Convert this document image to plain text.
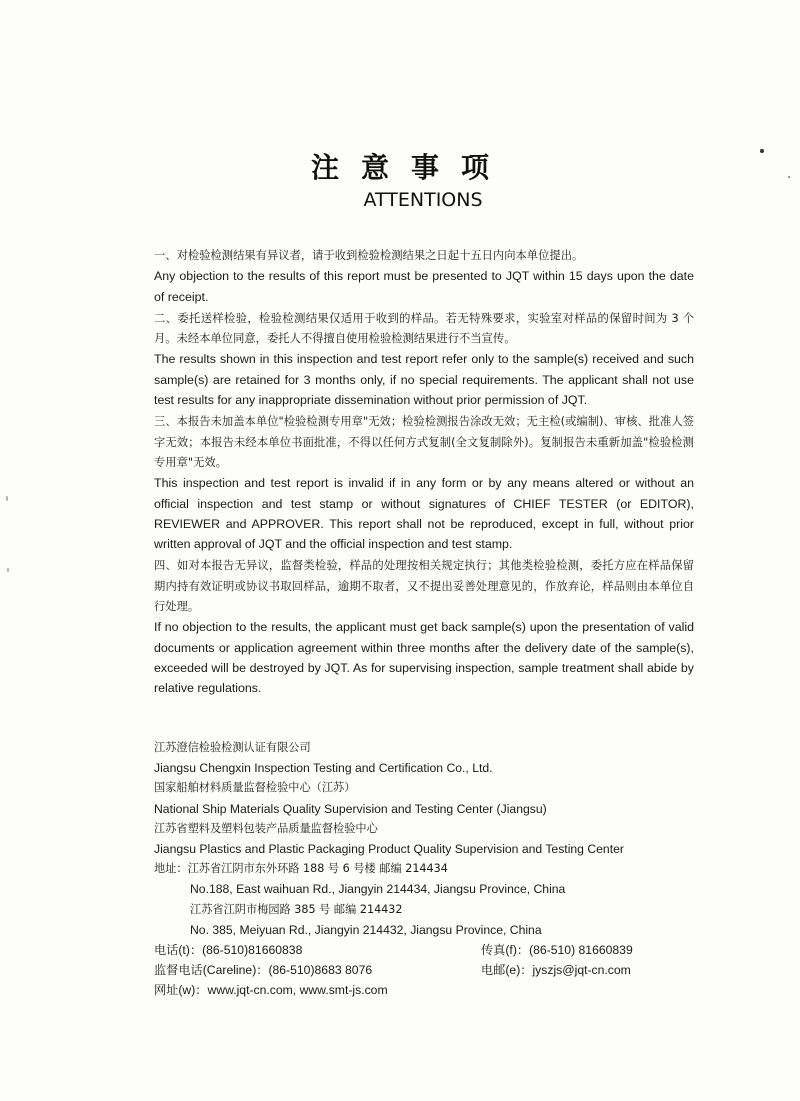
注意事项
ATTENTIONS

一、对检验检测结果有异议者，请于收到检验检测结果之日起十五日内向本单位提出。

Any objection to the results of this report must be presented to JQT within 15 days upon the date of receipt.

二、委托送样检验，检验检测结果仅适用于收到的样品。若无特殊要求，实验室对样品的保留时间为 3 个月。未经本单位同意，委托人不得擅自使用检验检测结果进行不当宣传。

The results shown in this inspection and test report refer only to the sample(s) received and such sample(s) are retained for 3 months only, if no special requirements. The applicant shall not use test results for any inappropriate dissemination without prior permission of JQT.

三、本报告未加盖本单位"检验检测专用章"无效；检验检测报告涂改无效；无主检(或编制)、审核、批准人签字无效；本报告未经本单位书面批准，不得以任何方式复制(全文复制除外)。复制报告未重新加盖"检验检测专用章"无效。

This inspection and test report is invalid if in any form or by any means altered or without an official inspection and test stamp or without signatures of CHIEF TESTER (or EDITOR), REVIEWER and APPROVER. This report shall not be reproduced, except in full, without prior written approval of JQT and the official inspection and test stamp.

四、如对本报告无异议，监督类检验，样品的处理按相关规定执行；其他类检验检测，委托方应在样品保留期内持有效证明或协议书取回样品，逾期不取者，又不提出妥善处理意见的，作放弃论，样品则由本单位自行处理。

If no objection to the results, the applicant must get back sample(s) upon the presentation of valid documents or application agreement within three months after the delivery date of the sample(s), exceeded will be destroyed by JQT. As for supervising inspection, sample treatment shall abide by relative regulations.

江苏澄信检验检测认证有限公司
Jiangsu Chengxin Inspection Testing and Certification Co., Ltd.
国家船舶材料质量监督检验中心（江苏）
National Ship Materials Quality Supervision and Testing Center (Jiangsu)
江苏省塑料及塑料包装产品质量监督检验中心
Jiangsu Plastics and Plastic Packaging Product Quality Supervision and Testing Center
地址：江苏省江阴市东外环路 188 号 6 号楼 邮编 214434
No.188, East waihuan Rd., Jiangyin 214434, Jiangsu Province, China
江苏省江阴市梅园路 385 号 邮编 214432
No. 385, Meiyuan Rd., Jiangyin 214432, Jiangsu Province, China
电话(t)：(86-510)81660838	传真(f)：(86-510) 81660839
监督电话(Careline)：(86-510)8683 8076	电邮(e)：jyszjs@jqt-cn.com
网址(w)：www.jqt-cn.com, www.smt-js.com
